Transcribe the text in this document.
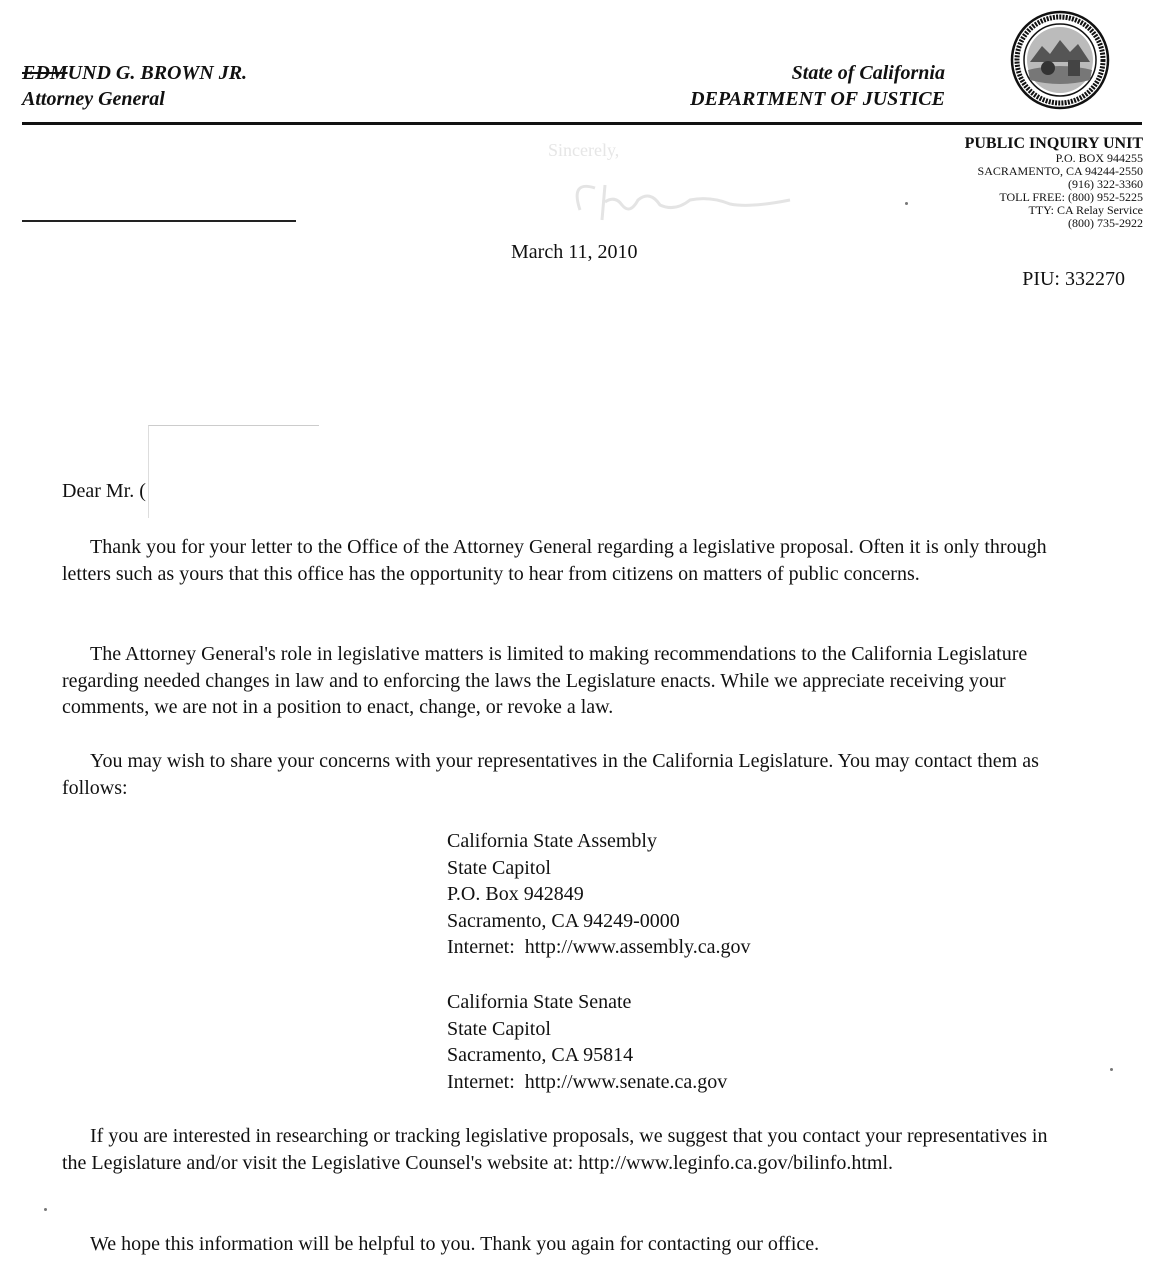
EDMUND G. BROWN JR.
Attorney General
State of California
DEPARTMENT OF JUSTICE
Sincerely,	PUBLIC INQUIRY UNIT
P.O. BOX 944255
SACRAMENTO, CA 94244-2550
(916) 322-3360
TOLL FREE: (800) 952-5225
TTY: CA Relay Service
(800) 735-2922
March 11, 2010
PIU: 332270
Dear Mr. (

Thank you for your letter to the Office of the Attorney General regarding a legislative proposal. Often it is only through letters such as yours that this office has the opportunity to hear from citizens on matters of public concerns.

The Attorney General's role in legislative matters is limited to making recommendations to the California Legislature regarding needed changes in law and to enforcing the laws the Legislature enacts. While we appreciate receiving your comments, we are not in a position to enact, change, or revoke a law.

You may wish to share your concerns with your representatives in the California Legislature. You may contact them as follows:

California State Assembly
State Capitol
P.O. Box 942849
Sacramento, CA 94249-0000
Internet: http://www.assembly.ca.gov
California State Senate
State Capitol
Sacramento, CA 95814
Internet: http://www.senate.ca.gov

If you are interested in researching or tracking legislative proposals, we suggest that you contact your representatives in the Legislature and/or visit the Legislative Counsel's website at: http://www.leginfo.ca.gov/bilinfo.html.

We hope this information will be helpful to you. Thank you again for contacting our office.
